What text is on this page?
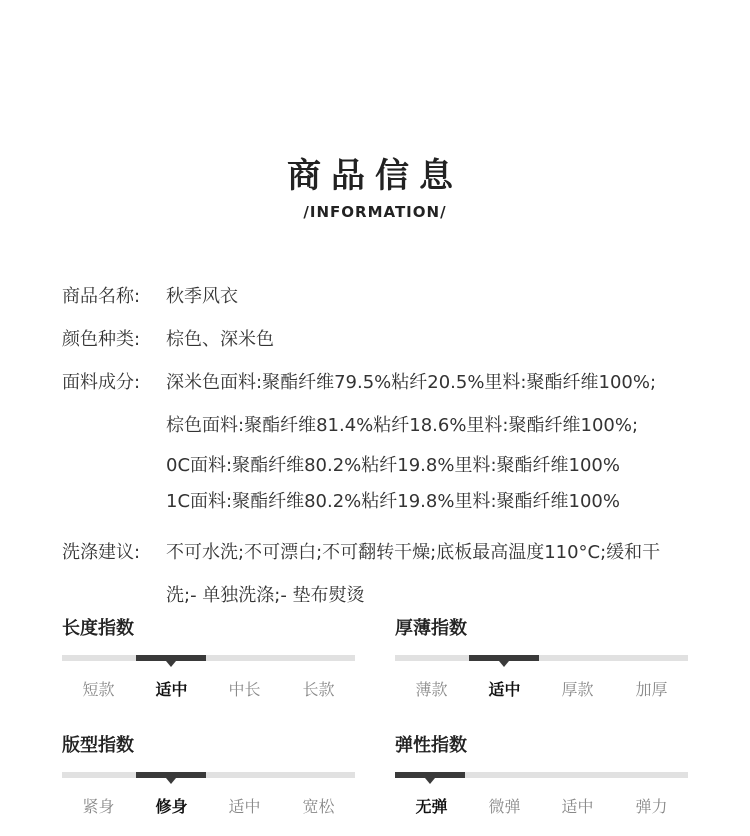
商品信息
/INFORMATION/
商品名称: 秋季风衣
颜色种类: 棕色、深米色
面料成分: 深米色面料:聚酯纤维79.5%粘纤20.5%里料:聚酯纤维100%;
棕色面料:聚酯纤维81.4%粘纤18.6%里料:聚酯纤维100%;
0C面料:聚酯纤维80.2%粘纤19.8%里料:聚酯纤维100%
1C面料:聚酯纤维80.2%粘纤19.8%里料:聚酯纤维100%
洗涤建议: 不可水洗;不可漂白;不可翻转干燥;底板最高温度110°C;缓和干
洗;- 单独洗涤;- 垫布熨烫
长度指数
短款	适中	中长	长款
厚薄指数
薄款	适中	厚款	加厚
版型指数
紧身	修身	适中	宽松
弹性指数
无弹	微弹	适中	弹力
